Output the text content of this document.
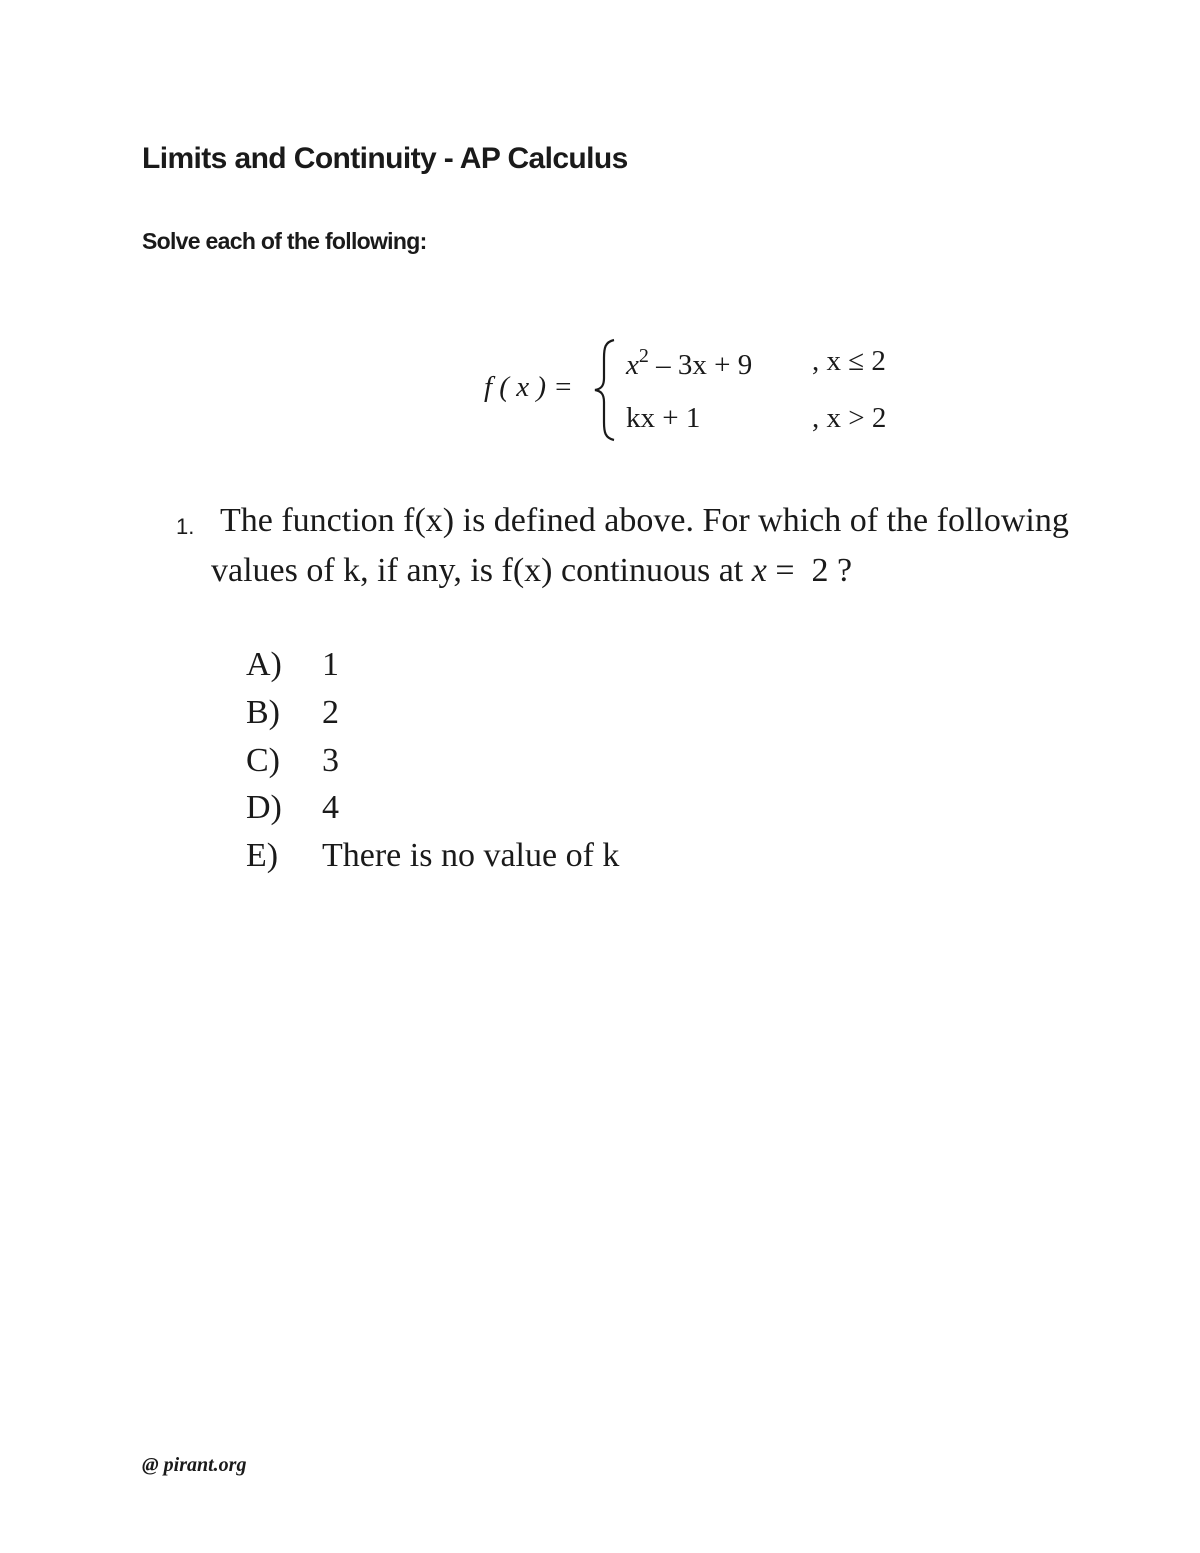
Limits and Continuity - AP Calculus
Solve each of the following:
f ( x ) =
$x^2 - 3x + 9$ , x ≤ 2
kx + 1	, x > 2
1. The function f(x) is defined above. For which of the following
values of k, if any, is f(x) continuous at x =  2 ?
A) 1
B) 2
C) 3
D) 4
E) There is no value of k
@ pirant.org
